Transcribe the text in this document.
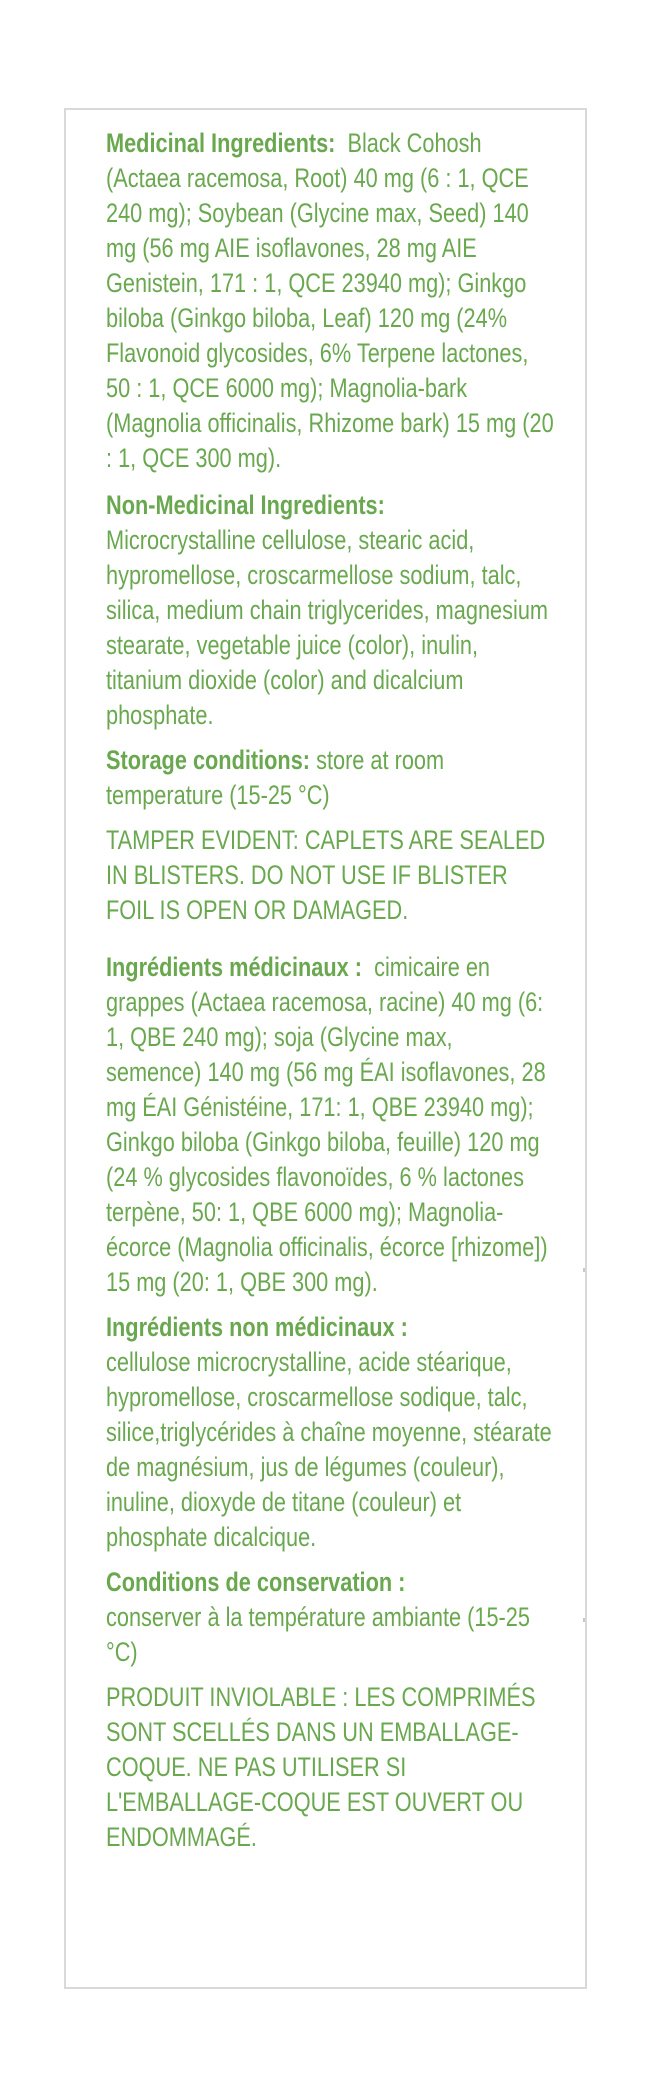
Medicinal Ingredients: Black Cohosh (Actaea racemosa, Root) 40 mg (6 : 1, QCE 240 mg); Soybean (Glycine max, Seed) 140 mg (56 mg AIE isoflavones, 28 mg AIE Genistein, 171 : 1, QCE 23940 mg); Ginkgo biloba (Ginkgo biloba, Leaf) 120 mg (24% Flavonoid glycosides, 6% Terpene lactones, 50 : 1, QCE 6000 mg); Magnolia-bark (Magnolia officinalis, Rhizome bark) 15 mg (20 : 1, QCE 300 mg).

Non-Medicinal Ingredients:
Microcrystalline cellulose, stearic acid, hypromellose, croscarmellose sodium, talc, silica, medium chain triglycerides, magnesium stearate, vegetable juice (color), inulin, titanium dioxide (color) and dicalcium phosphate.

Storage conditions: store at room temperature (15-25 °C)

TAMPER EVIDENT: CAPLETS ARE SEALED IN BLISTERS. DO NOT USE IF BLISTER FOIL IS OPEN OR DAMAGED.

Ingrédients médicinaux : cimicaire en grappes (Actaea racemosa, racine) 40 mg (6: 1, QBE 240 mg); soja (Glycine max, semence) 140 mg (56 mg ÉAI isoflavones, 28 mg ÉAI Génistéine, 171: 1, QBE 23940 mg); Ginkgo biloba (Ginkgo biloba, feuille) 120 mg (24 % glycosides flavonoïdes, 6 % lactones terpène, 50: 1, QBE 6000 mg); Magnolia-écorce (Magnolia officinalis, écorce [rhizome]) 15 mg (20: 1, QBE 300 mg).

Ingrédients non médicinaux :
cellulose microcrystalline, acide stéarique, hypromellose, croscarmellose sodique, talc, silice,triglycérides à chaîne moyenne, stéarate de magnésium, jus de légumes (couleur), inuline, dioxyde de titane (couleur) et phosphate dicalcique.

Conditions de conservation :
conserver à la température ambiante (15-25 °C)

PRODUIT INVIOLABLE : LES COMPRIMÉS SONT SCELLÉS DANS UN EMBALLAGE-COQUE. NE PAS UTILISER SI L'EMBALLAGE-COQUE EST OUVERT OU ENDOMMAGÉ.
